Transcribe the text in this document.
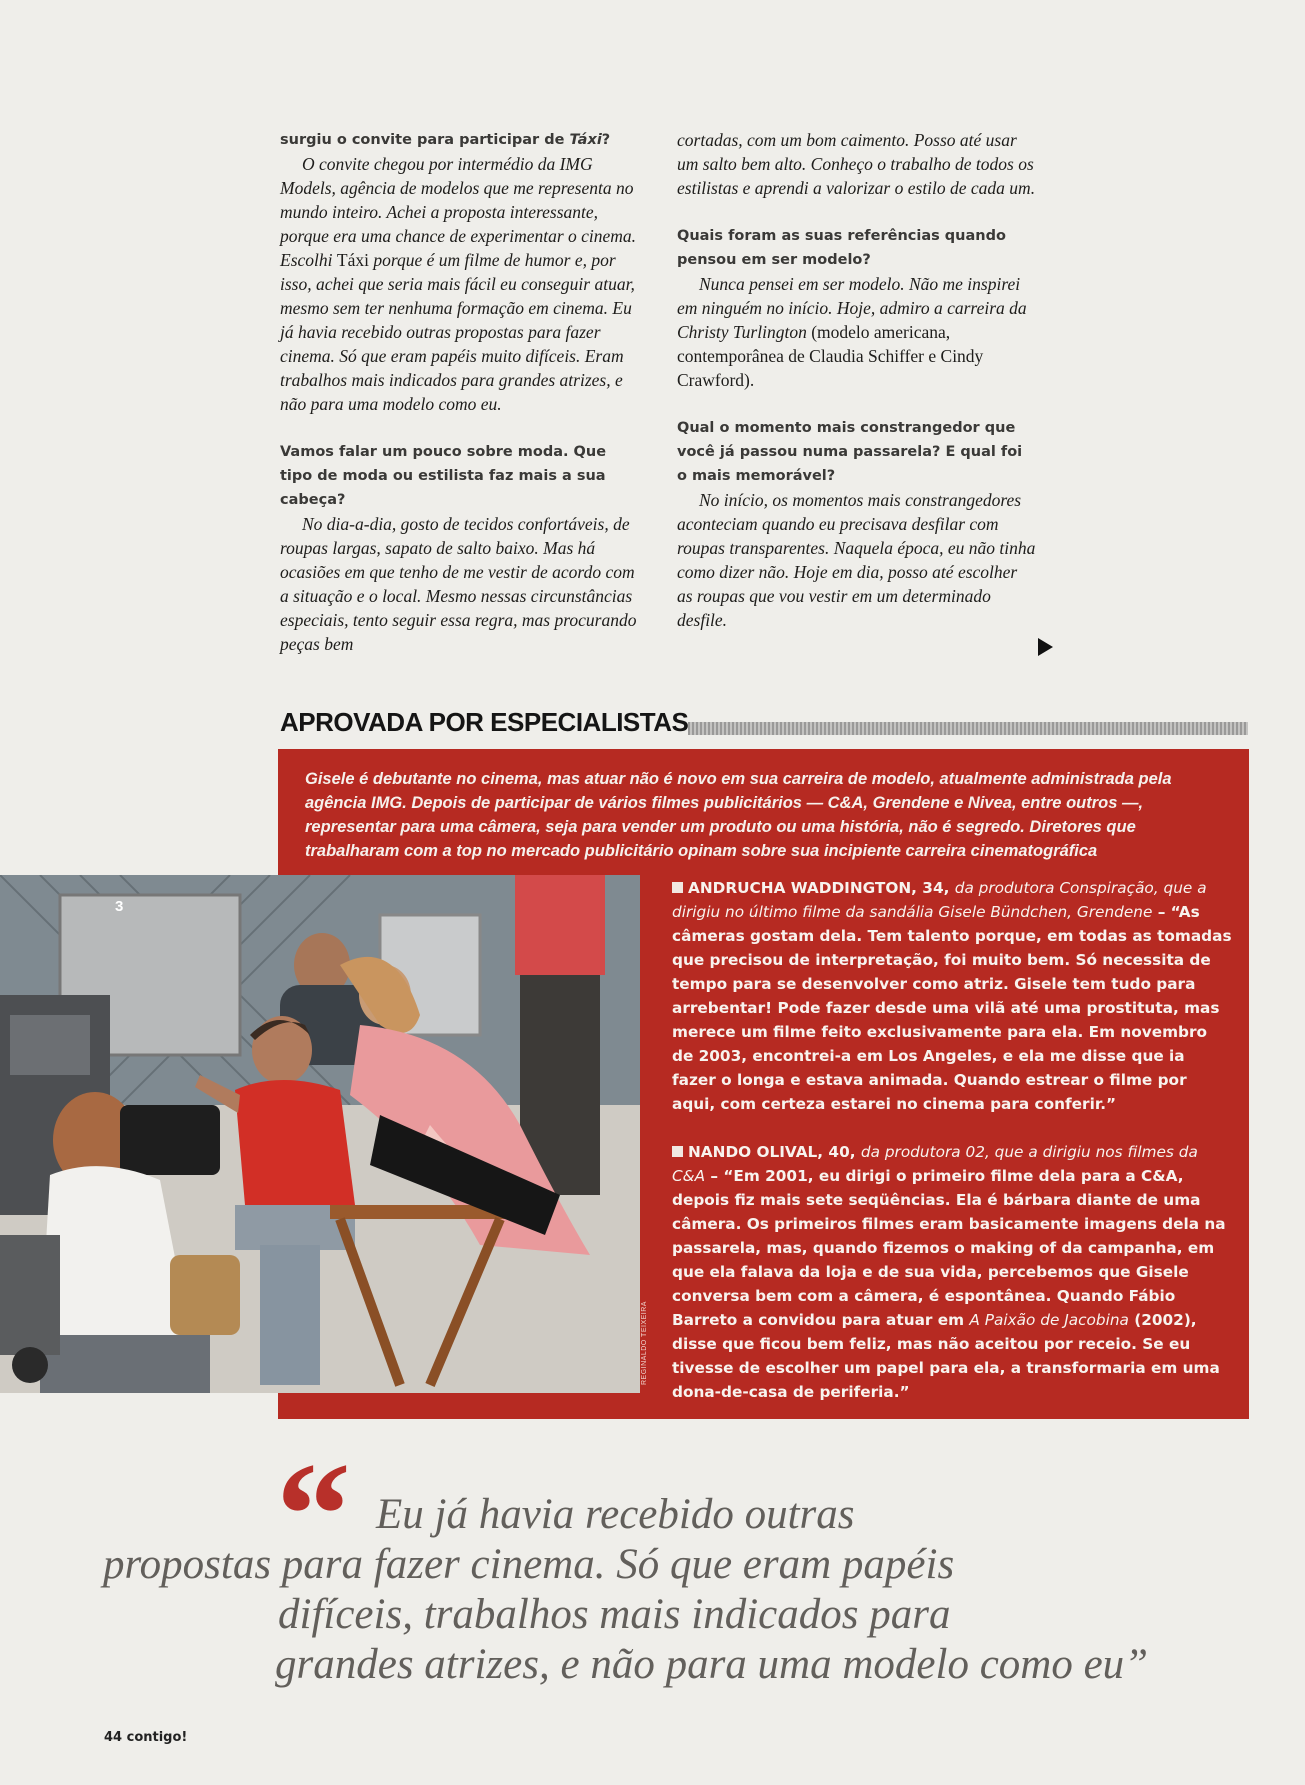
surgiu o convite para participar de Táxi?

O convite chegou por intermédio da IMG Models, agência de modelos que me representa no mundo inteiro. Achei a proposta interessante, porque era uma chance de experimentar o cinema. Escolhi Táxi porque é um filme de humor e, por isso, achei que seria mais fácil eu conseguir atuar, mesmo sem ter nenhuma formação em cinema. Eu já havia recebido outras propostas para fazer cinema. Só que eram papéis muito difíceis. Eram trabalhos mais indicados para grandes atrizes, e não para uma modelo como eu.

Vamos falar um pouco sobre moda. Que tipo de moda ou estilista faz mais a sua cabeça?

No dia-a-dia, gosto de tecidos confortáveis, de roupas largas, sapato de salto baixo. Mas há ocasiões em que tenho de me vestir de acordo com a situação e o local. Mesmo nessas circunstâncias especiais, tento seguir essa regra, mas procurando peças bem

cortadas, com um bom caimento. Posso até usar um salto bem alto. Conheço o trabalho de todos os estilistas e aprendi a valorizar o estilo de cada um.

Quais foram as suas referências quando pensou em ser modelo?

Nunca pensei em ser modelo. Não me inspirei em ninguém no início. Hoje, admiro a carreira da Christy Turlington (modelo americana, contemporânea de Claudia Schiffer e Cindy Crawford).

Qual o momento mais constrangedor que você já passou numa passarela? E qual foi o mais memorável?

No início, os momentos mais constrangedores aconteciam quando eu precisava desfilar com roupas transparentes. Naquela época, eu não tinha como dizer não. Hoje em dia, posso até escolher as roupas que vou vestir em um determinado desfile.

APROVADA POR ESPECIALISTAS
Gisele é debutante no cinema, mas atuar não é novo em sua carreira de modelo, atualmente administrada pela agência IMG. Depois de participar de vários filmes publicitários — C&A, Grendene e Nivea, entre outros —, representar para uma câmera, seja para vender um produto ou uma história, não é segredo. Diretores que trabalharam com a top no mercado publicitário opinam sobre sua incipiente carreira cinematográfica
3
REGINALDO TEIXEIRA

ANDRUCHA WADDINGTON, 34, da produtora Conspiração, que a dirigiu no último filme da sandália Gisele Bündchen, Grendene – “As câmeras gostam dela. Tem talento porque, em todas as tomadas que precisou de interpretação, foi muito bem. Só necessita de tempo para se desenvolver como atriz. Gisele tem tudo para arrebentar! Pode fazer desde uma vilã até uma prostituta, mas merece um filme feito exclusivamente para ela. Em novembro de 2003, encontrei-a em Los Angeles, e ela me disse que ia fazer o longa e estava animada. Quando estrear o filme por aqui, com certeza estarei no cinema para conferir.”

NANDO OLIVAL, 40, da produtora 02, que a dirigiu nos filmes da C&A – “Em 2001, eu dirigi o primeiro filme dela para a C&A, depois fiz mais sete seqüências. Ela é bárbara diante de uma câmera. Os primeiros filmes eram basicamente imagens dela na passarela, mas, quando fizemos o making of da campanha, em que ela falava da loja e de sua vida, percebemos que Gisele conversa bem com a câmera, é espontânea. Quando Fábio Barreto a convidou para atuar em A Paixão de Jacobina (2002), disse que ficou bem feliz, mas não aceitou por receio. Se eu tivesse de escolher um papel para ela, a transformaria em uma dona-de-casa de periferia.”

“ Eu já havia recebido outras
propostas para fazer cinema. Só que eram papéis
difíceis, trabalhos mais indicados para
grandes atrizes, e não para uma modelo como eu”
44 contigo!
